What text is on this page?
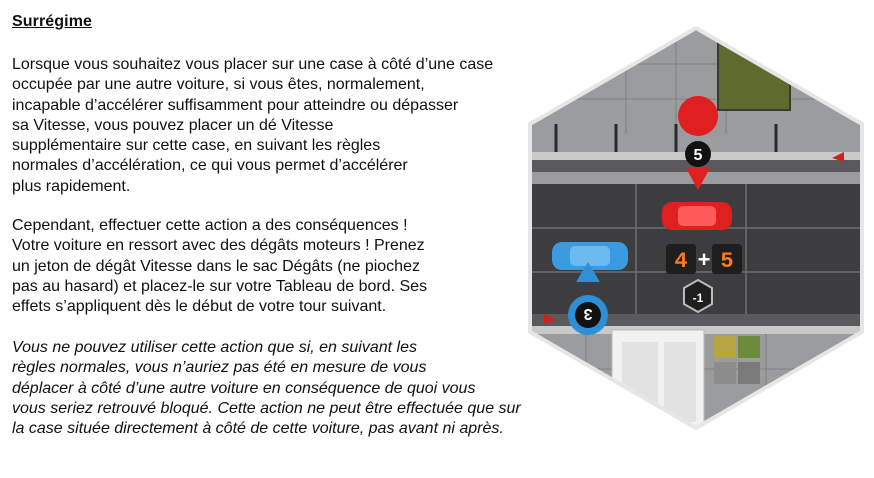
Surrégime
Lorsque vous souhaitez vous placer sur une case à côté d’une case
occupée par une autre voiture, si vous êtes, normalement,
incapable d’accélérer suffisamment pour atteindre ou dépasser
sa Vitesse, vous pouvez placer un dé Vitesse
supplémentaire sur cette case, en suivant les règles
normales d’accélération, ce qui vous permet d’accélérer
plus rapidement.
Cependant, effectuer cette action a des conséquences !
Votre voiture en ressort avec des dégâts moteurs ! Prenez
un jeton de dégât Vitesse dans le sac Dégâts (ne piochez
pas au hasard) et placez-le sur votre Tableau de bord. Ses
effets s’appliquent dès le début de votre tour suivant.
Vous ne pouvez utiliser cette action que si, en suivant les
règles normales, vous n’auriez pas été en mesure de vous
déplacer à côté d’une autre voiture en conséquence de quoi vous
vous seriez retrouvé bloqué. Cette action ne peut être effectuée que sur
la case située directement à côté de cette voiture, pas avant ni après.
5
3
4 + 5
-1
